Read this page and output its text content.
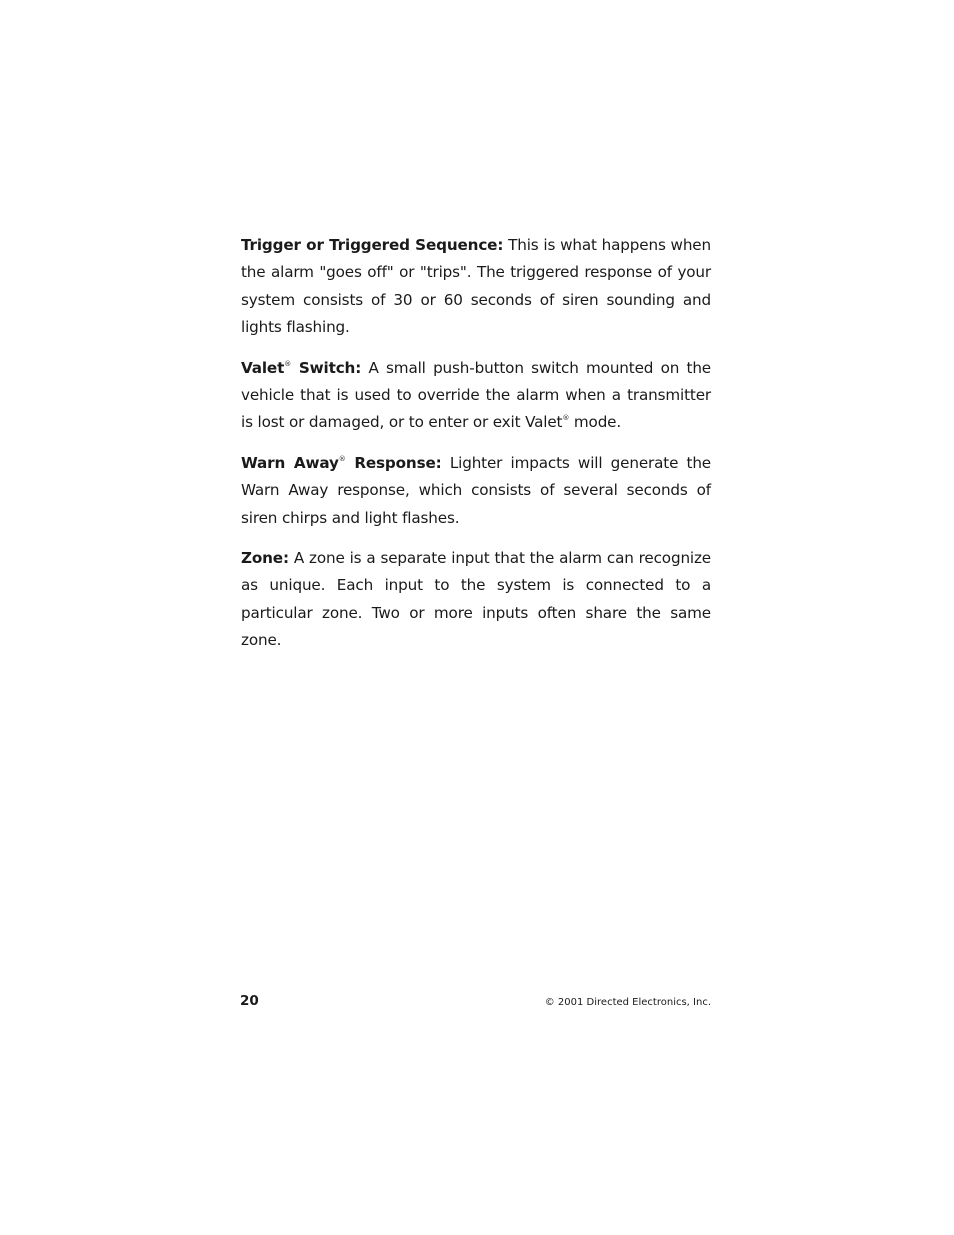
Trigger or Triggered Sequence: This is what happens when the alarm "goes off" or "trips". The triggered response of your system consists of 30 or 60 seconds of siren sounding and lights flashing.

Valet® Switch: A small push-button switch mounted on the vehicle that is used to override the alarm when a transmitter is lost or damaged, or to enter or exit Valet® mode.

Warn Away® Response: Lighter impacts will generate the Warn Away response, which consists of several seconds of siren chirps and light flashes.

Zone: A zone is a separate input that the alarm can recognize as unique. Each input to the system is connected to a particular zone. Two or more inputs often share the same zone.

20	© 2001 Directed Electronics, Inc.
